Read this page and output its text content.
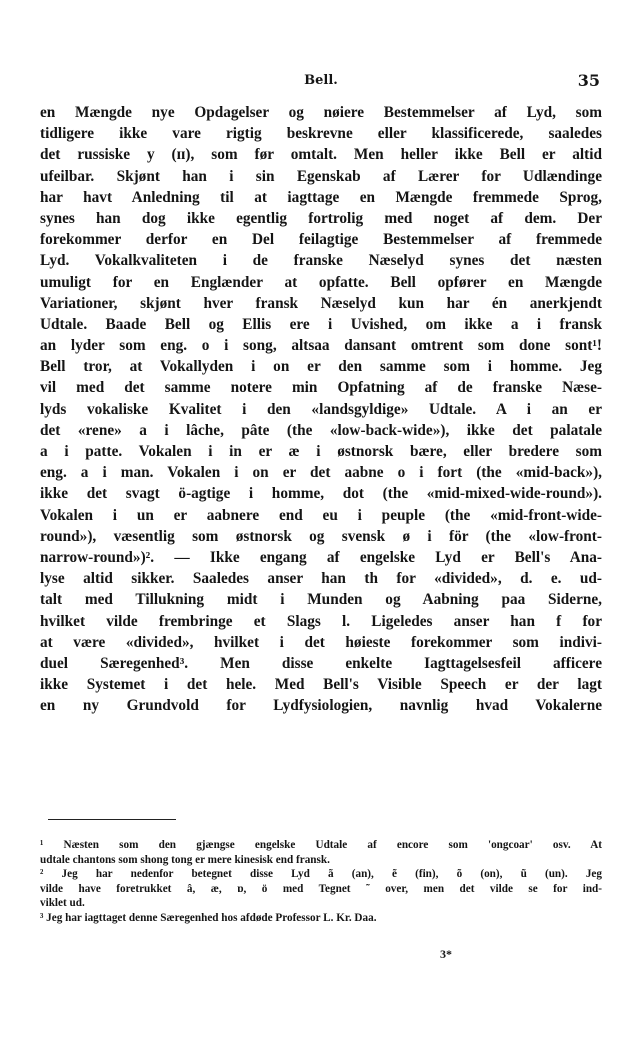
Bell.	35
en Mængde nye Opdagelser og nøiere Bestemmelser af Lyd, som
tidligere ikke vare rigtig beskrevne eller klassificerede, saaledes
det russiske y (ɪɪ), som før omtalt. Men heller ikke Bell er altid
ufeilbar. Skjønt han i sin Egenskab af Lærer for Udlændinge
har havt Anledning til at iagttage en Mængde fremmede Sprog,
synes han dog ikke egentlig fortrolig med noget af dem. Der
forekommer derfor en Del feilagtige Bestemmelser af fremmede
Lyd. Vokalkvaliteten i de franske Næselyd synes det næsten
umuligt for en Englænder at opfatte. Bell opfører en Mængde
Variationer, skjønt hver fransk Næselyd kun har én anerkjendt
Udtale. Baade Bell og Ellis ere i Uvished, om ikke a i fransk
an lyder som eng. o i song, altsaa dansant omtrent som done sont¹!
Bell tror, at Vokallyden i on er den samme som i homme. Jeg
vil med det samme notere min Opfatning af de franske Næse-
lyds vokaliske Kvalitet i den «landsgyldige» Udtale. A i an er
det «rene» a i lâche, pâte (the «low-back-wide»), ikke det palatale
a i patte. Vokalen i in er æ i østnorsk bære, eller bredere som
eng. a i man. Vokalen i on er det aabne o i fort (the «mid-back»),
ikke det svagt ö-agtige i homme, dot (the «mid-mixed-wide-round»).
Vokalen i un er aabnere end eu i peuple (the «mid-front-wide-
round»), væsentlig som østnorsk og svensk ø i för (the «low-front-
narrow-round»)². — Ikke engang af engelske Lyd er Bell's Ana-
lyse altid sikker. Saaledes anser han th for «divided», d. e. ud-
talt med Tillukning midt i Munden og Aabning paa Siderne,
hvilket vilde frembringe et Slags l. Ligeledes anser han f for
at være «divided», hvilket i det høieste forekommer som indivi-
duel Særegenhed³. Men disse enkelte Iagttagelsesfeil afficere
ikke Systemet i det hele. Med Bell's Visible Speech er der lagt
en ny Grundvold for Lydfysiologien, navnlig hvad Vokalerne
¹ Næsten som den gjængse engelske Udtale af encore som 'ongcoar' osv. At
udtale chantons som shong tong er mere kinesisk end fransk.
² Jeg har nedenfor betegnet disse Lyd ã (an), ẽ (fin), õ (on), ũ (un). Jeg
vilde have foretrukket â, æ, ɒ, ö med Tegnet ˜ over, men det vilde se for ind-
viklet ud.
³ Jeg har iagttaget denne Særegenhed hos afdøde Professor L. Kr. Daa.
3*
